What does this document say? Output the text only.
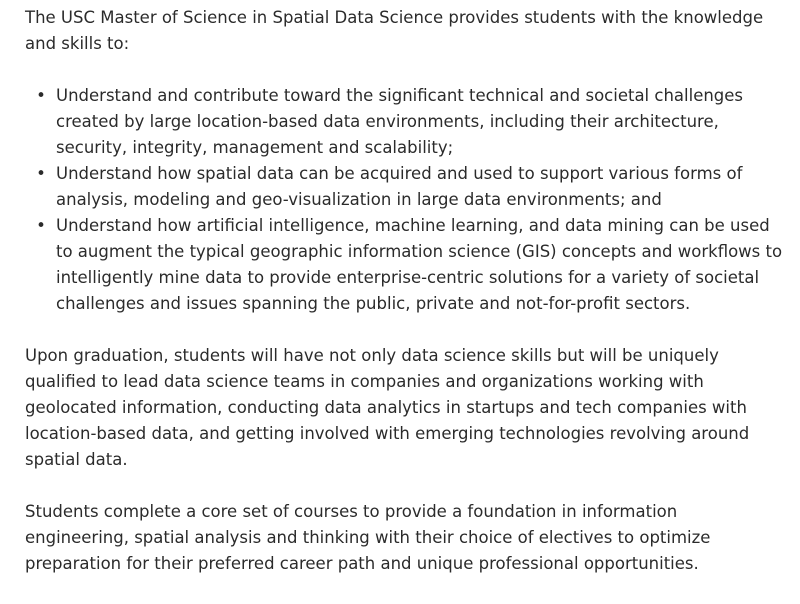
The USC Master of Science in Spatial Data Science provides students with the knowledge and skills to:

• Understand and contribute toward the significant technical and societal challenges created by large location-based data environments, including their architecture, security, integrity, management and scalability;
• Understand how spatial data can be acquired and used to support various forms of analysis, modeling and geo-visualization in large data environments; and
• Understand how artificial intelligence, machine learning, and data mining can be used to augment the typical geographic information science (GIS) concepts and workflows to intelligently mine data to provide enterprise-centric solutions for a variety of societal challenges and issues spanning the public, private and not-for-profit sectors.

Upon graduation, students will have not only data science skills but will be uniquely qualified to lead data science teams in companies and organizations working with geolocated information, conducting data analytics in startups and tech companies with location-based data, and getting involved with emerging technologies revolving around spatial data.

Students complete a core set of courses to provide a foundation in information engineering, spatial analysis and thinking with their choice of electives to optimize preparation for their preferred career path and unique professional opportunities.
